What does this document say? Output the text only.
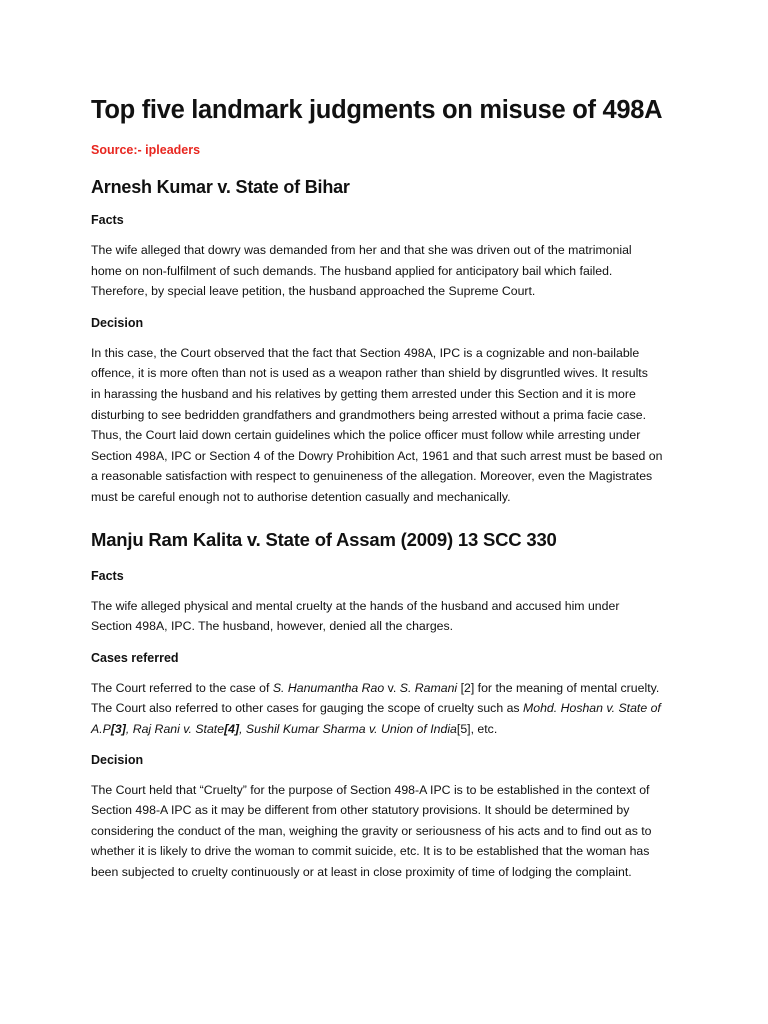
Top five landmark judgments on misuse of 498A

Source:- ipleaders

Arnesh Kumar v. State of Bihar

Facts

The wife alleged that dowry was demanded from her and that she was driven out of the matrimonial
home on non-fulfilment of such demands. The husband applied for anticipatory bail which failed.
Therefore, by special leave petition, the husband approached the Supreme Court.

Decision

In this case, the Court observed that the fact that Section 498A, IPC is a cognizable and non-bailable
offence, it is more often than not is used as a weapon rather than shield by disgruntled wives. It results
in harassing the husband and his relatives by getting them arrested under this Section and it is more
disturbing to see bedridden grandfathers and grandmothers being arrested without a prima facie case.
Thus, the Court laid down certain guidelines which the police officer must follow while arresting under
Section 498A, IPC or Section 4 of the Dowry Prohibition Act, 1961 and that such arrest must be based on
a reasonable satisfaction with respect to genuineness of the allegation. Moreover, even the Magistrates
must be careful enough not to authorise detention casually and mechanically.

Manju Ram Kalita v. State of Assam (2009) 13 SCC 330

Facts

The wife alleged physical and mental cruelty at the hands of the husband and accused him under
Section 498A, IPC. The husband, however, denied all the charges.

Cases referred

The Court referred to the case of S. Hanumantha Rao v. S. Ramani [2] for the meaning of mental cruelty.
The Court also referred to other cases for gauging the scope of cruelty such as Mohd. Hoshan v. State of
A.P[3], Raj Rani v. State[4], Sushil Kumar Sharma v. Union of India[5], etc.

Decision

The Court held that “Cruelty” for the purpose of Section 498-A IPC is to be established in the context of
Section 498-A IPC as it may be different from other statutory provisions. It should be determined by
considering the conduct of the man, weighing the gravity or seriousness of his acts and to find out as to
whether it is likely to drive the woman to commit suicide, etc. It is to be established that the woman has
been subjected to cruelty continuously or at least in close proximity of time of lodging the complaint.
